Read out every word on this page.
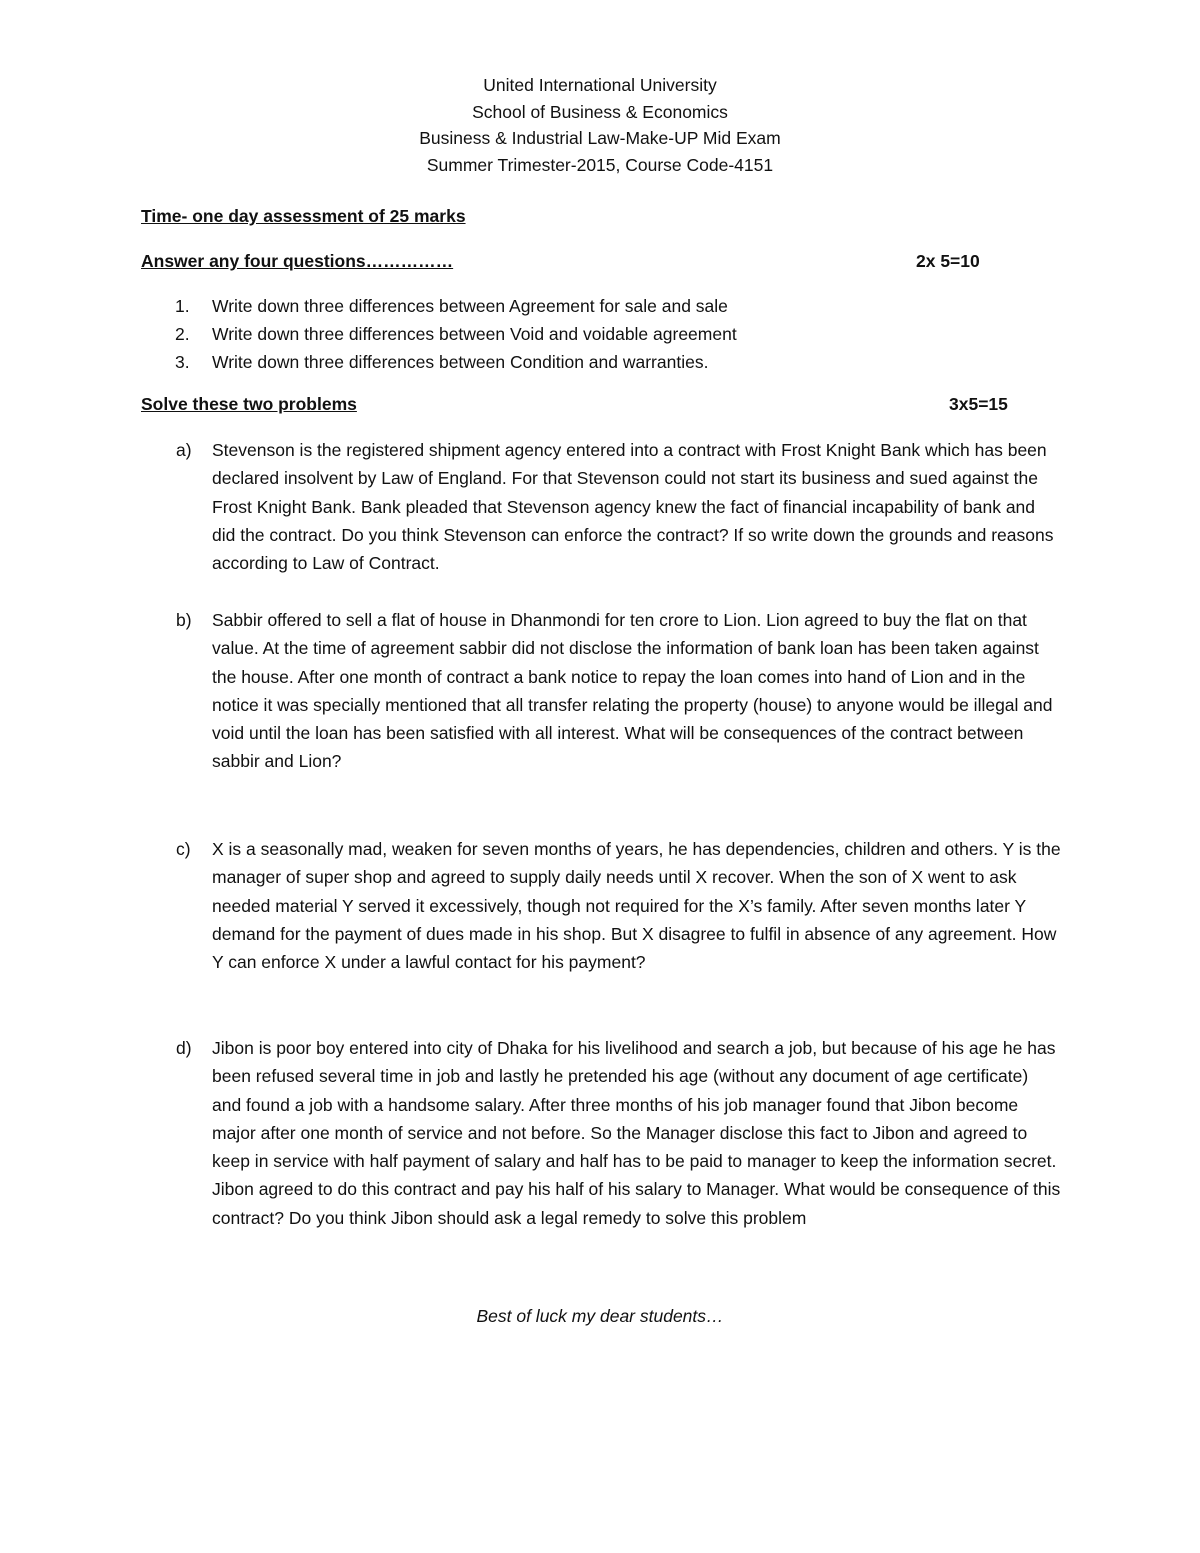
United International University
School of Business & Economics
Business & Industrial Law-Make-UP Mid Exam
Summer Trimester-2015, Course Code-4151
Time- one day assessment of 25 marks
Answer any four questions……………	2x 5=10
1.	Write down three differences between Agreement for sale and sale
2.	Write down three differences between Void and voidable agreement
3.	Write down three differences between Condition and warranties.
Solve these two problems	3x5=15
a)	Stevenson is the registered shipment agency entered into a contract with Frost Knight Bank which has been declared insolvent by Law of England. For that Stevenson could not start its business and sued against the Frost Knight Bank. Bank pleaded that Stevenson agency knew the fact of financial incapability of bank and did the contract. Do you think Stevenson can enforce the contract? If so write down the grounds and reasons according to Law of Contract.
b)	Sabbir offered to sell a flat of house in Dhanmondi for ten crore to Lion. Lion agreed to buy the flat on that value. At the time of agreement sabbir did not disclose the information of bank loan has been taken against the house. After one month of contract a bank notice to repay the loan comes into hand of Lion and in the notice it was specially mentioned that all transfer relating the property (house) to anyone would be illegal and void until the loan has been satisfied with all interest. What will be consequences of the contract between sabbir and Lion?
c)	X is a seasonally mad, weaken for seven months of years, he has dependencies, children and others. Y is the manager of super shop and agreed to supply daily needs until X recover. When the son of X went to ask needed material Y served it excessively, though not required for the X’s family. After seven months later Y demand for the payment of dues made in his shop. But X disagree to fulfil in absence of any agreement. How Y can enforce X under a lawful contact for his payment?
d)	Jibon is poor boy entered into city of Dhaka for his livelihood and search a job, but because of his age he has been refused several time in job and lastly he pretended his age (without any document of age certificate) and found a job with a handsome salary. After three months of his job manager found that Jibon become major after one month of service and not before. So the Manager disclose this fact to Jibon and agreed to keep in service with half payment of salary and half has to be paid to manager to keep the information secret. Jibon agreed to do this contract and pay his half of his salary to Manager. What would be consequence of this contract? Do you think Jibon should ask a legal remedy to solve this problem
Best of luck my dear students…
